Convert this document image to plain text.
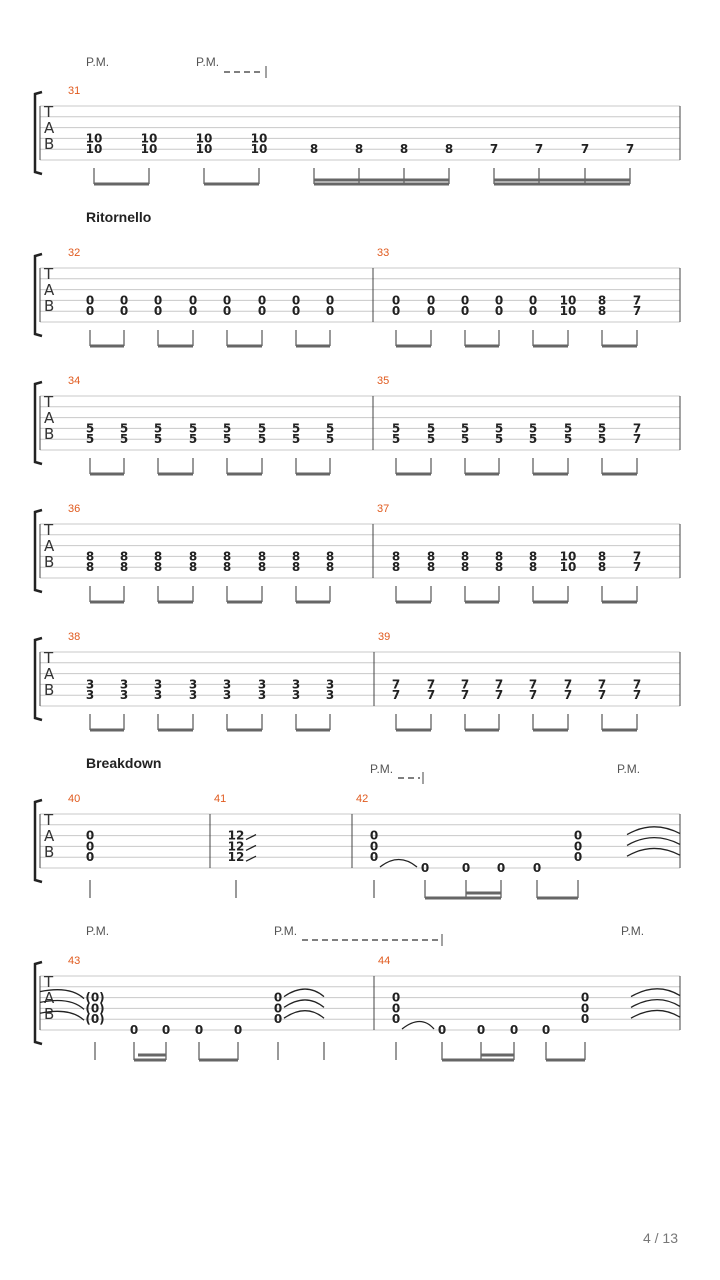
T
A
B
P.M.	P.M.
31
10
10
10
10
10
10
10
10	8	8	8	8	7	7	7	7
T
A
B
Ritornello
32
0
0
0
0
0
0
0
0
0
0
0
0
0
0
0
0
33
0
0
0
0
0
0
0
0
0
0
10
10
8
8
7
7
T
A
B
34
5
5
5
5
5
5
5
5
5
5
5
5
5
5
5
5
35
5
5
5
5
5
5
5
5
5
5
5
5
5
5
7
7
T
A
B
36
8
8
8
8
8
8
8
8
8
8
8
8
8
8
8
8
37
8
8
8
8
8
8
8
8
8
8
10
10
8
8
7
7
T
A
B
38
3
3
3
3
3
3
3
3
3
3
3
3
3
3
3
3
39
7
7
7
7
7
7
7
7
7
7
7
7
7
7
7
7
T
A
B
Breakdown	P.M.	P.M.
40
0
0
0
41
12
12
12
42
0
0
0
0	0 0 0
0
0
0
T
A
B
P.M.	P.M.	P.M.
43
(0)
(0)
(0)
0 0 0	0
0
0
0
44
0
0
0
0	0 0 0
0
0
0
4 / 13
